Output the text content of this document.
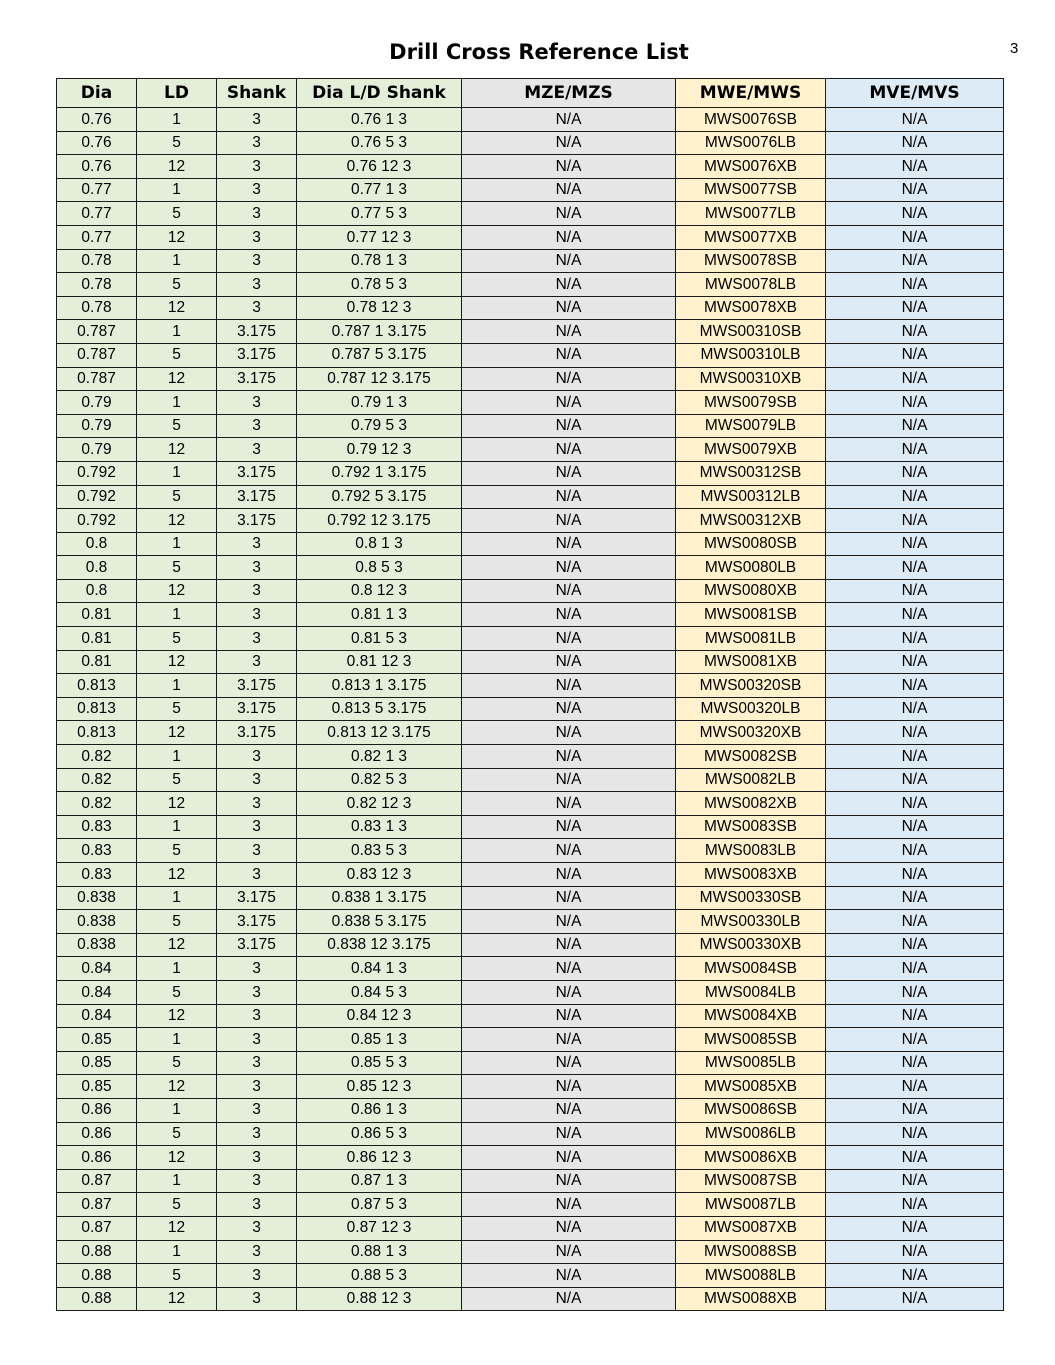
Drill Cross Reference List	3
Dia	LD	Shank	Dia L/D Shank	MZE/MZS	MWE/MWS	MVE/MVS
0.76	1	3	0.76 1 3	N/A	MWS0076SB	N/A
0.76	5	3	0.76 5 3	N/A	MWS0076LB	N/A
0.76	12	3	0.76 12 3	N/A	MWS0076XB	N/A
0.77	1	3	0.77 1 3	N/A	MWS0077SB	N/A
0.77	5	3	0.77 5 3	N/A	MWS0077LB	N/A
0.77	12	3	0.77 12 3	N/A	MWS0077XB	N/A
0.78	1	3	0.78 1 3	N/A	MWS0078SB	N/A
0.78	5	3	0.78 5 3	N/A	MWS0078LB	N/A
0.78	12	3	0.78 12 3	N/A	MWS0078XB	N/A
0.787	1	3.175	0.787 1 3.175	N/A	MWS00310SB	N/A
0.787	5	3.175	0.787 5 3.175	N/A	MWS00310LB	N/A
0.787	12	3.175	0.787 12 3.175	N/A	MWS00310XB	N/A
0.79	1	3	0.79 1 3	N/A	MWS0079SB	N/A
0.79	5	3	0.79 5 3	N/A	MWS0079LB	N/A
0.79	12	3	0.79 12 3	N/A	MWS0079XB	N/A
0.792	1	3.175	0.792 1 3.175	N/A	MWS00312SB	N/A
0.792	5	3.175	0.792 5 3.175	N/A	MWS00312LB	N/A
0.792	12	3.175	0.792 12 3.175	N/A	MWS00312XB	N/A
0.8	1	3	0.8 1 3	N/A	MWS0080SB	N/A
0.8	5	3	0.8 5 3	N/A	MWS0080LB	N/A
0.8	12	3	0.8 12 3	N/A	MWS0080XB	N/A
0.81	1	3	0.81 1 3	N/A	MWS0081SB	N/A
0.81	5	3	0.81 5 3	N/A	MWS0081LB	N/A
0.81	12	3	0.81 12 3	N/A	MWS0081XB	N/A
0.813	1	3.175	0.813 1 3.175	N/A	MWS00320SB	N/A
0.813	5	3.175	0.813 5 3.175	N/A	MWS00320LB	N/A
0.813	12	3.175	0.813 12 3.175	N/A	MWS00320XB	N/A
0.82	1	3	0.82 1 3	N/A	MWS0082SB	N/A
0.82	5	3	0.82 5 3	N/A	MWS0082LB	N/A
0.82	12	3	0.82 12 3	N/A	MWS0082XB	N/A
0.83	1	3	0.83 1 3	N/A	MWS0083SB	N/A
0.83	5	3	0.83 5 3	N/A	MWS0083LB	N/A
0.83	12	3	0.83 12 3	N/A	MWS0083XB	N/A
0.838	1	3.175	0.838 1 3.175	N/A	MWS00330SB	N/A
0.838	5	3.175	0.838 5 3.175	N/A	MWS00330LB	N/A
0.838	12	3.175	0.838 12 3.175	N/A	MWS00330XB	N/A
0.84	1	3	0.84 1 3	N/A	MWS0084SB	N/A
0.84	5	3	0.84 5 3	N/A	MWS0084LB	N/A
0.84	12	3	0.84 12 3	N/A	MWS0084XB	N/A
0.85	1	3	0.85 1 3	N/A	MWS0085SB	N/A
0.85	5	3	0.85 5 3	N/A	MWS0085LB	N/A
0.85	12	3	0.85 12 3	N/A	MWS0085XB	N/A
0.86	1	3	0.86 1 3	N/A	MWS0086SB	N/A
0.86	5	3	0.86 5 3	N/A	MWS0086LB	N/A
0.86	12	3	0.86 12 3	N/A	MWS0086XB	N/A
0.87	1	3	0.87 1 3	N/A	MWS0087SB	N/A
0.87	5	3	0.87 5 3	N/A	MWS0087LB	N/A
0.87	12	3	0.87 12 3	N/A	MWS0087XB	N/A
0.88	1	3	0.88 1 3	N/A	MWS0088SB	N/A
0.88	5	3	0.88 5 3	N/A	MWS0088LB	N/A
0.88	12	3	0.88 12 3	N/A	MWS0088XB	N/A
